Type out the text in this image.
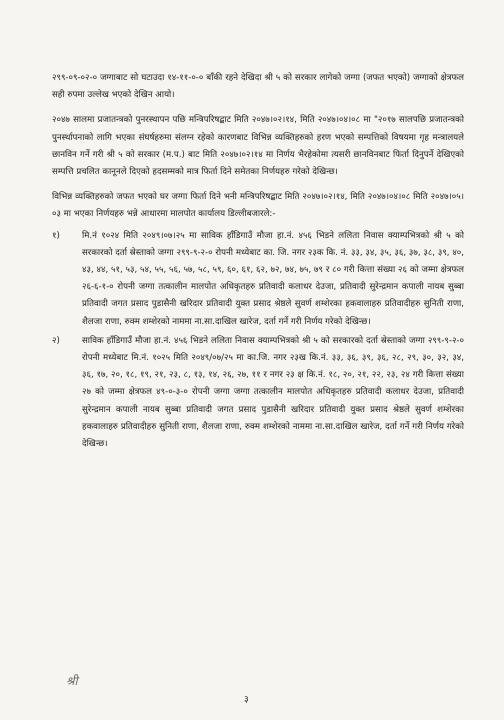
२९९-०९-०२-० जग्गाबाट सो घटाउदा १४-११-०-० बाँकी रहने देखिदा श्री ५ को सरकार लागेको जग्गा (जफत भएको) जग्गाको क्षेत्रफल सही रुपमा उल्लेख भएको देखिन आयो।

२०४७ सालमा प्रजातन्त्रको पुनरस्थापन पछि मन्त्रिपरिषद्बाट मिति २०४७।०२।१४, मिति २०४७।०४।०८ मा "२०१७ सालपछि प्रजातन्त्रको पुनर्स्थापनाको लागि भएका संघर्षहरुमा संलग्न रहेको कारणबाट विभिन्न व्यक्तिहरुको हरण भएको सम्पत्तिको विषयमा गृह मन्त्रालयले छानविन गर्ने गरी श्री ५ को सरकार (म.प.) बाट मिति २०४७।०२।१४ मा निर्णय भैरहेकोमा त्यसरी छानविनबाट फिर्ता दिनुपर्ने देखिएको सम्पत्ति प्रचलित कानूनले दिएको हदसम्मको मात्र फिर्ता दिने समेतका निर्णयहरु गरेको देखिन्छ।

विभिन्न व्यक्तिहरुको जफत भएको घर जग्गा फिर्ता दिने भनी मन्त्रिपरिषद्बाट मिति २०४७।०२।१४, मिति २०४७।०४।०८ मिति २०४७।०५।०३ मा भएका निर्णयहरु भन्ने आधारमा मालपोत कार्यालय डिल्लीबजारले:-

१)	मि.नं १०२४ मिति २०४९।०७।२५ मा साविक हाँडिगाउँ मौजा हा.नं. ४५६ भिडने ललिता निवास क्याम्पभित्रको श्री ५ को सरकारको दर्ता स्रेस्ताको जग्गा २९९-९-२-० रोपनी मध्येबाट का. जि. नगर २३क कि. नं. ३३, ३४, ३५, ३६, ३७, ३८, ३९, ४०, ४३, ४४, ५१, ५३, ५४, ५५, ५६, ५७, ५८, ५९, ६०, ६१, ६२, ७२, ७४, ७५, ७९ र ८० गरी कित्ता संख्या २६ को जम्मा क्षेत्रफल २६-६-१-० रोपनी जग्गा तत्कालीन मालपोत अधिकृतहरु प्रतिवादी कलाधर देउजा, प्रतिवादी सुरेन्द्रमान कपाली नायब सुब्बा प्रतिवादी जगत प्रसाद पुडासैनी खरिदार प्रतिवादी युक्त प्रसाद श्रेष्ठले सुवर्ण शम्शेरका हकवालाहरु प्रतिवादीहरु सुनिती राणा, शैलजा राणा, रुक्म शम्शेरको नाममा ना.सा.दाखिल खारेज, दर्ता गर्ने गरी निर्णय गरेको देखिन्छ।

२)	साविक हाँडिगाउँ मौजा हा.नं. ४५६ भिडने ललिता निवास क्याम्पभित्रको श्री ५ को सरकारको दर्ता स्रेस्ताको जग्गा २९९-९-२-० रोपनी मध्येबाट मि.नं. १०२५ मिति २०४९/०७/२५ मा का.जि. नगर २३ख कि.नं. ३३, ३६, ३९, ३६, २८, २९, ३०, ३२, ३४, ३६, १७, २०, १८, १९, २१, २३, ८, १३, १४, २६, २७, ११ र नगर २३ क्ष कि.नं. १८, २०, २१, २२, २३, २४ गरी कित्ता संख्या २७ को जम्मा क्षेत्रफल ४९-०-३-० रोपनी जग्गा जग्गा तत्कालीन मालपोत अधिकृतहरु प्रतिवादी कलाधर देउजा, प्रतिवादी सुरेन्द्रमान कपाली नायब सुब्बा प्रतिवादी जगत प्रसाद पुडासैनी खरिदार प्रतिवादी युक्त प्रसाद श्रेष्ठले सुवर्ण शम्शेरका हकवालाहरु प्रतिवादीहरु सुनिती राणा, शैलजा राणा, रुक्म शम्शेरको नाममा ना.सा.दाखिल खारेज, दर्ता गर्ने गरी निर्णय गरेको देखिन्छ।

श्री
३
